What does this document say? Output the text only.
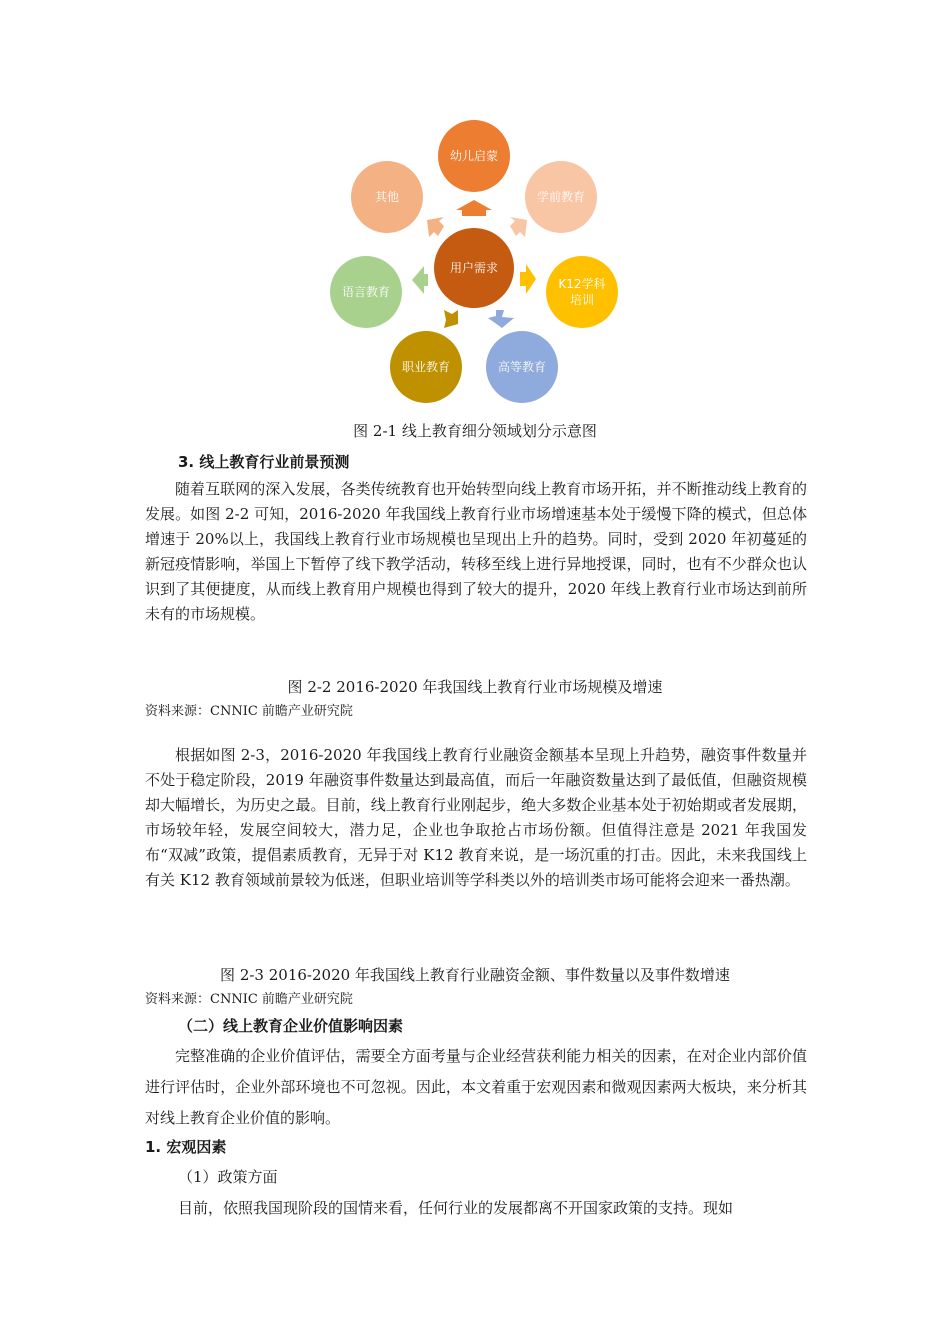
用户需求
幼儿启蒙
学前教育
K12学科
培训
高等教育
职业教育
语言教育
其他
图 2-1 线上教育细分领域划分示意图
3. 线上教育行业前景预测

随着互联网的深入发展，各类传统教育也开始转型向线上教育市场开拓，并不断推动线上教育的发展。如图 2-2 可知，2016-2020 年我国线上教育行业市场增速基本处于缓慢下降的模式，但总体增速于 20%以上，我国线上教育行业市场规模也呈现出上升的趋势。同时，受到 2020 年初蔓延的新冠疫情影响，举国上下暂停了线下教学活动，转移至线上进行异地授课，同时，也有不少群众也认识到了其便捷度，从而线上教育用户规模也得到了较大的提升，2020 年线上教育行业市场达到前所未有的市场规模。

图 2-2 2016-2020 年我国线上教育行业市场规模及增速
资料来源：CNNIC 前瞻产业研究院

根据如图 2-3，2016-2020 年我国线上教育行业融资金额基本呈现上升趋势，融资事件数量并不处于稳定阶段，2019 年融资事件数量达到最高值，而后一年融资数量达到了最低值，但融资规模却大幅增长，为历史之最。目前，线上教育行业刚起步，绝大多数企业基本处于初始期或者发展期，市场较年轻，发展空间较大，潜力足，企业也争取抢占市场份额。但值得注意是 2021 年我国发布“双减”政策，提倡素质教育，无异于对 K12 教育来说，是一场沉重的打击。因此，未来我国线上有关 K12 教育领域前景较为低迷，但职业培训等学科类以外的培训类市场可能将会迎来一番热潮。

图 2-3 2016-2020 年我国线上教育行业融资金额、事件数量以及事件数增速
资料来源：CNNIC 前瞻产业研究院
（二）线上教育企业价值影响因素

完整准确的企业价值评估，需要全方面考量与企业经营获利能力相关的因素，在对企业内部价值进行评估时，企业外部环境也不可忽视。因此，本文着重于宏观因素和微观因素两大板块，来分析其对线上教育企业价值的影响。

1. 宏观因素
（1）政策方面
目前，依照我国现阶段的国情来看，任何行业的发展都离不开国家政策的支持。现如
